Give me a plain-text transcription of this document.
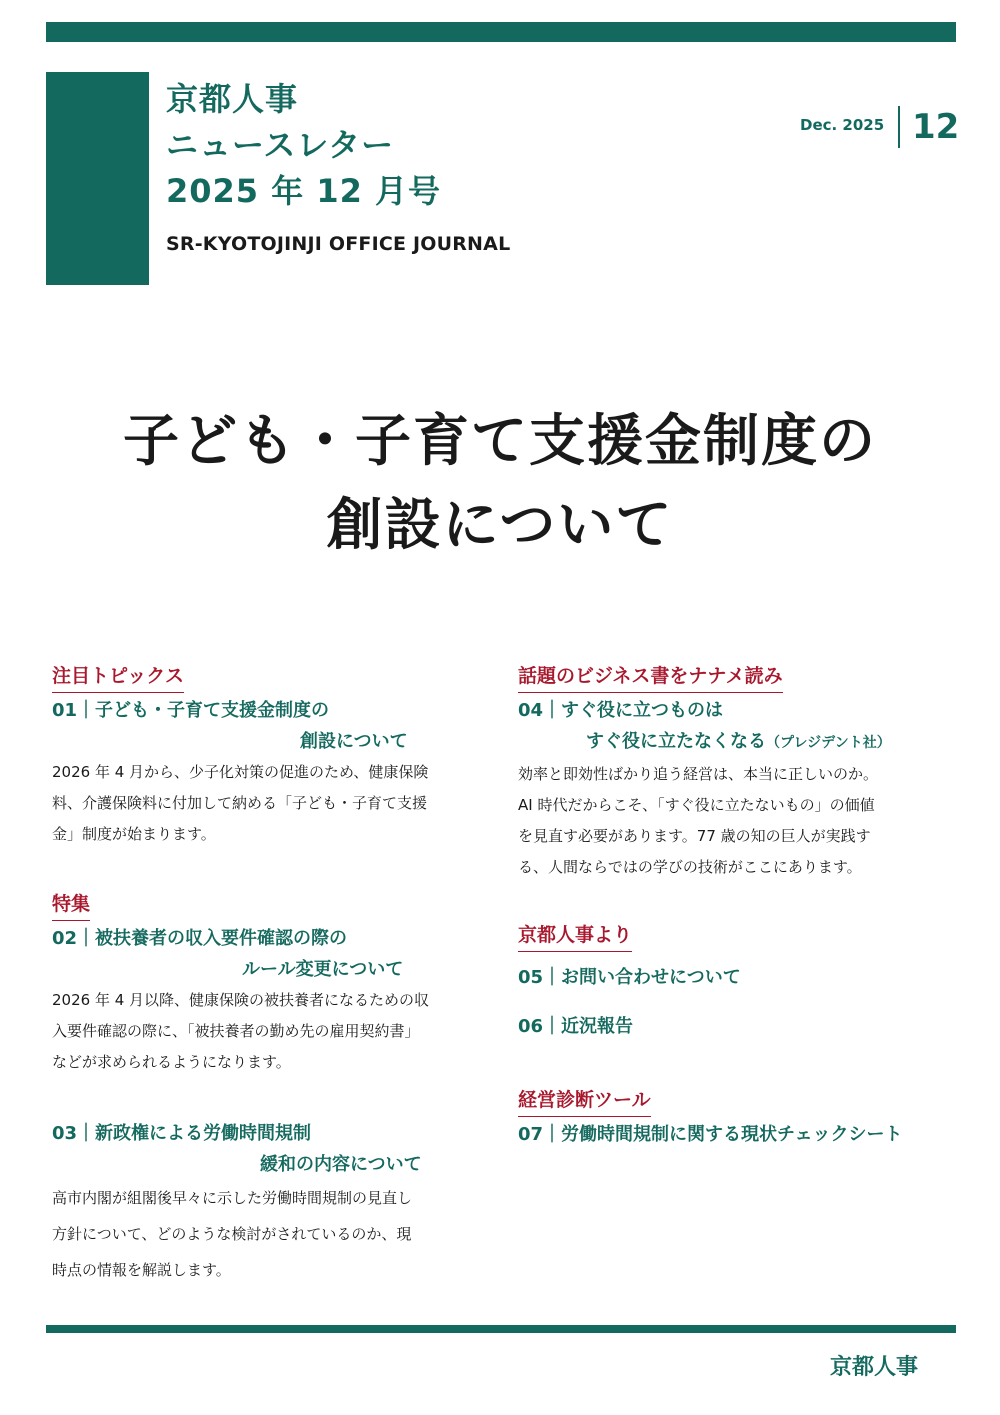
京都人事
ニュースレター
2025 年 12 月号
SR-KYOTOJINJI OFFICE JOURNAL
Dec. 2025 12
子ども・子育て支援金制度の
創設について
注目トピックス
01｜子ども・子育て支援金制度の
創設について
2026 年 4 月から、少子化対策の促進のため、健康保険
料、介護保険料に付加して納める「子ども・子育て支援
金」制度が始まります。
特集
02｜被扶養者の収入要件確認の際の
ルール変更について
2026 年 4 月以降、健康保険の被扶養者になるための収
入要件確認の際に、「被扶養者の勤め先の雇用契約書」
などが求められるようになります。
03｜新政権による労働時間規制
緩和の内容について
高市内閣が組閣後早々に示した労働時間規制の見直し
方針について、どのような検討がされているのか、現
時点の情報を解説します。
話題のビジネス書をナナメ読み
04｜すぐ役に立つものは
すぐ役に立たなくなる（プレジデント社）
効率と即効性ばかり追う経営は、本当に正しいのか。
AI 時代だからこそ、「すぐ役に立たないもの」の価値
を見直す必要があります。77 歳の知の巨人が実践す
る、人間ならではの学びの技術がここにあります。
京都人事より
05｜お問い合わせについて
06｜近況報告
経営診断ツール
07｜労働時間規制に関する現状チェックシート
京都人事
